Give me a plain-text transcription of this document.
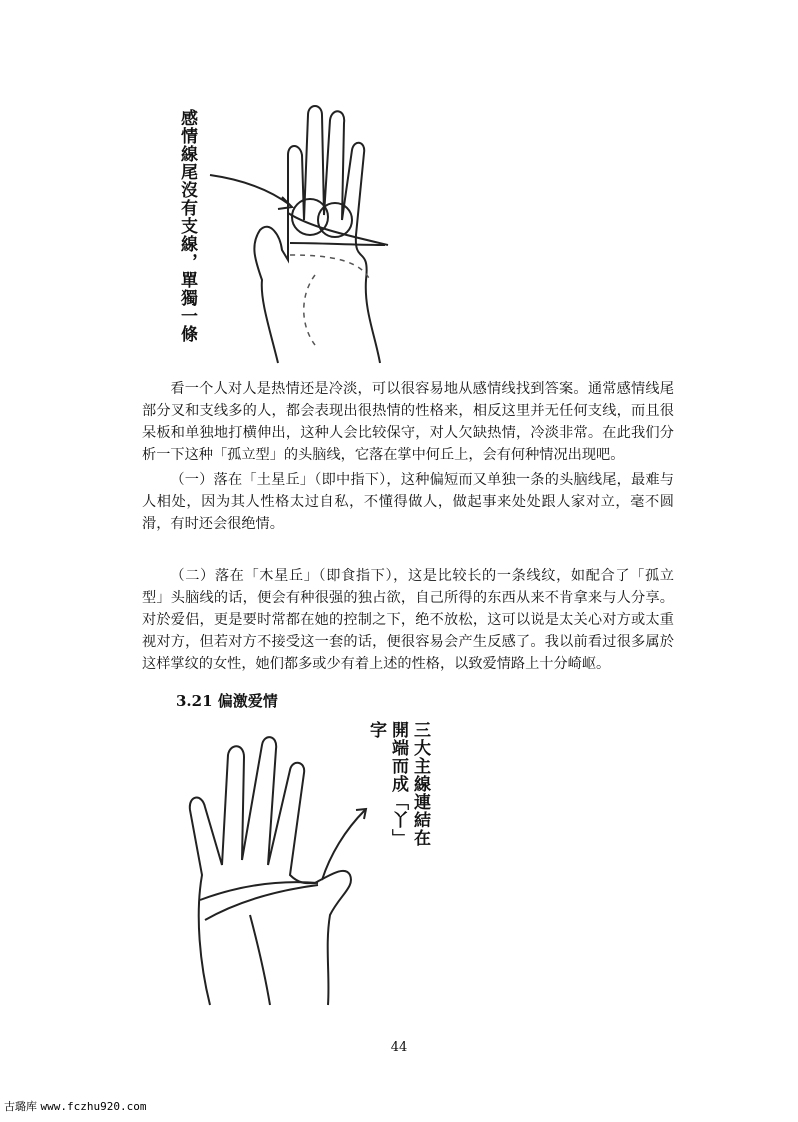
感情線尾沒有支線，單獨一條

看一个人对人是热情还是冷淡，可以很容易地从感情线找到答案。通常感情线尾部分叉和支线多的人，都会表现出很热情的性格来，相反这里并无任何支线，而且很呆板和单独地打横伸出，这种人会比较保守，对人欠缺热情，冷淡非常。在此我们分析一下这种「孤立型」的头脑线，它落在掌中何丘上，会有何种情况出现吧。

（一）落在「土星丘」（即中指下），这种偏短而又单独一条的头脑线尾，最难与人相处，因为其人性格太过自私，不懂得做人，做起事来处处跟人家对立，毫不圆滑，有时还会很绝情。

（二）落在「木星丘」（即食指下），这是比较长的一条线纹，如配合了「孤立型」头脑线的话，便会有种很强的独占欲，自己所得的东西从来不肯拿来与人分享。对於爱侣，更是要时常都在她的控制之下，绝不放松，这可以说是太关心对方或太重视对方，但若对方不接受这一套的话，便很容易会产生反感了。我以前看过很多属於这样掌纹的女性，她们都多或少有着上述的性格，以致爱情路上十分崎岖。

3.21 偏激爱情
三大主線連結在開端而成「丫」字
44
古璐库 www.fczhu920.com
